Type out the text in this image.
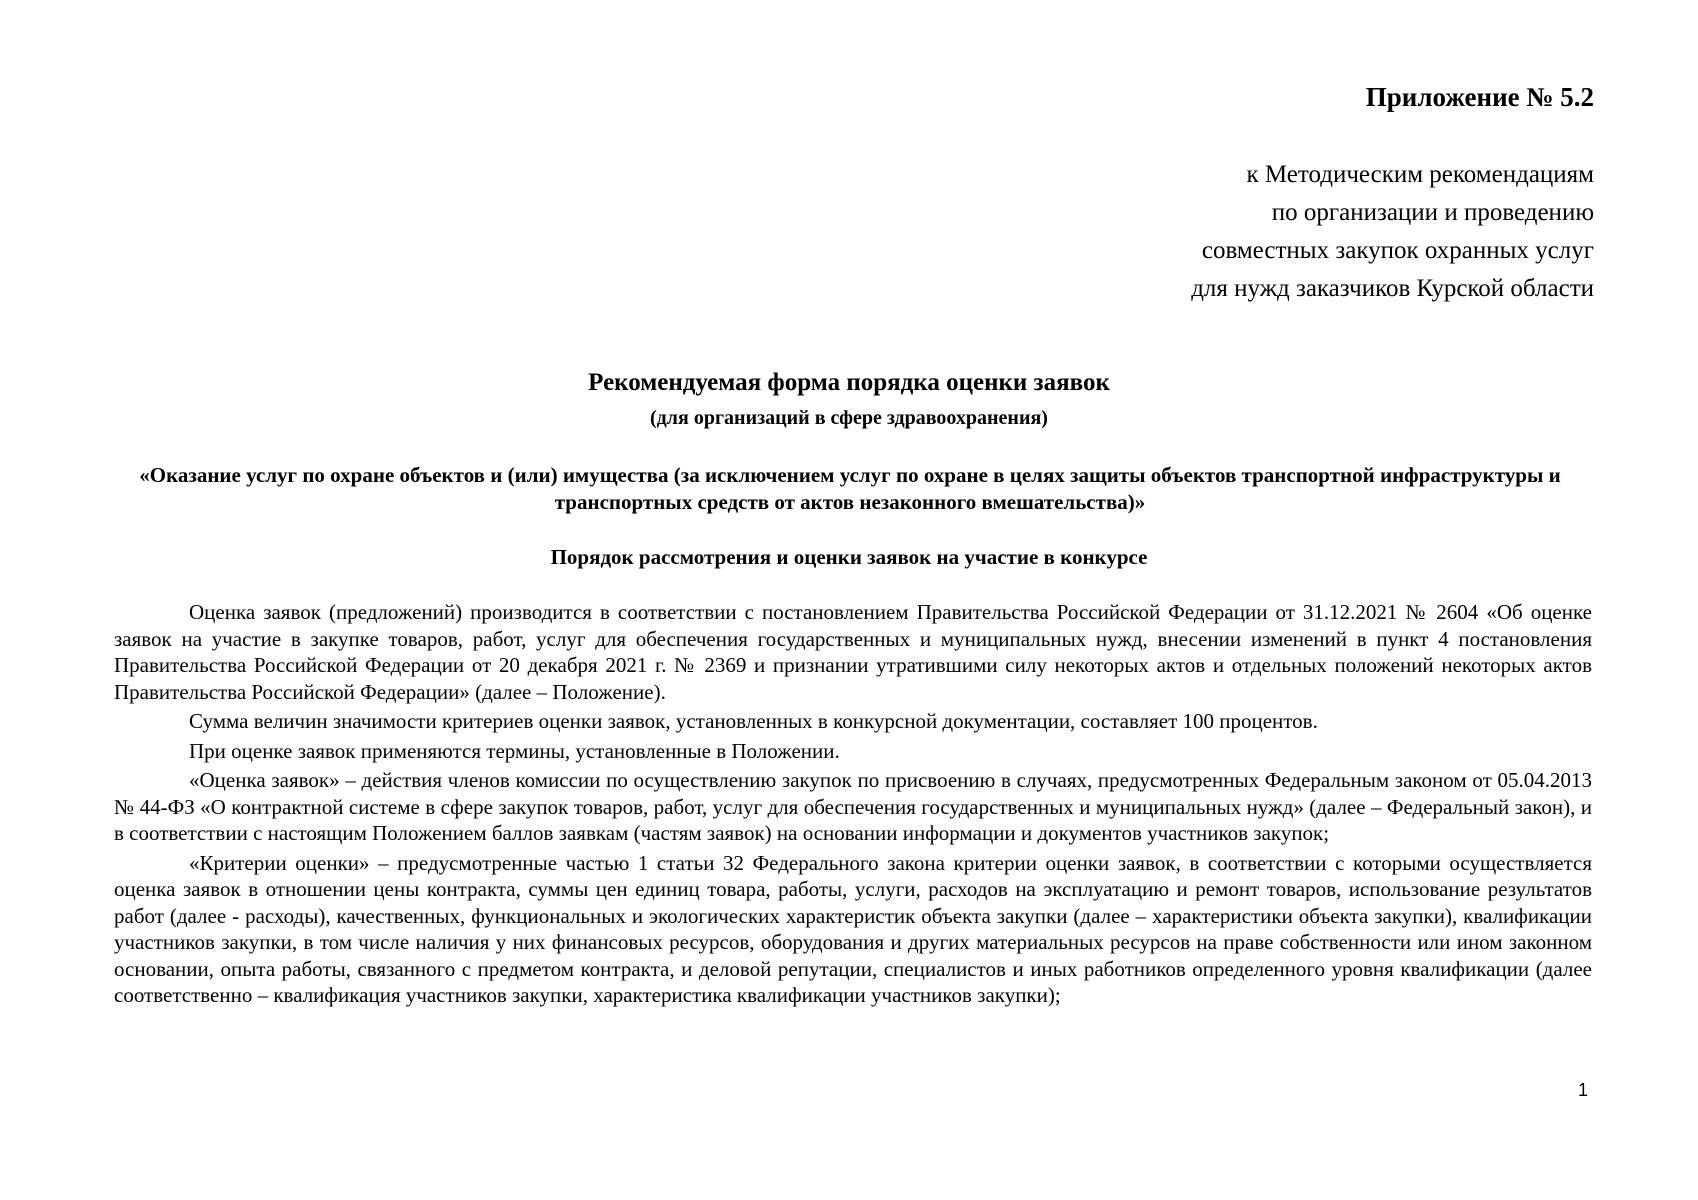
Приложение № 5.2
к Методическим рекомендациям
по организации и проведению
совместных закупок охранных услуг
для нужд заказчиков Курской области
Рекомендуемая форма порядка оценки заявок
(для организаций в сфере здравоохранения)
«Оказание услуг по охране объектов и (или) имущества (за исключением услуг по охране в целях защиты объектов транспортной инфраструктуры и транспортных средств от актов незаконного вмешательства)»
Порядок рассмотрения и оценки заявок на участие в конкурсе

Оценка заявок (предложений) производится в соответствии с постановлением Правительства Российской Федерации от 31.12.2021 № 2604 «Об оценке заявок на участие в закупке товаров, работ, услуг для обеспечения государственных и муниципальных нужд, внесении изменений в пункт 4 постановления Правительства Российской Федерации от 20 декабря 2021 г. № 2369 и признании утратившими силу некоторых актов и отдельных положений некоторых актов Правительства Российской Федерации» (далее – Положение).

Сумма величин значимости критериев оценки заявок, установленных в конкурсной документации, составляет 100 процентов.

При оценке заявок применяются термины, установленные в Положении.

«Оценка заявок» – действия членов комиссии по осуществлению закупок по присвоению в случаях, предусмотренных Федеральным законом от 05.04.2013 № 44-ФЗ «О контрактной системе в сфере закупок товаров, работ, услуг для обеспечения государственных и муниципальных нужд» (далее – Федеральный закон), и в соответствии с настоящим Положением баллов заявкам (частям заявок) на основании информации и документов участников закупок;

«Критерии оценки» – предусмотренные частью 1 статьи 32 Федерального закона критерии оценки заявок, в соответствии с которыми осуществляется оценка заявок в отношении цены контракта, суммы цен единиц товара, работы, услуги, расходов на эксплуатацию и ремонт товаров, использование результатов работ (далее - расходы), качественных, функциональных и экологических характеристик объекта закупки (далее – характеристики объекта закупки), квалификации участников закупки, в том числе наличия у них финансовых ресурсов, оборудования и других материальных ресурсов на праве собственности или ином законном основании, опыта работы, связанного с предметом контракта, и деловой репутации, специалистов и иных работников определенного уровня квалификации (далее соответственно – квалификация участников закупки, характеристика квалификации участников закупки);

1
